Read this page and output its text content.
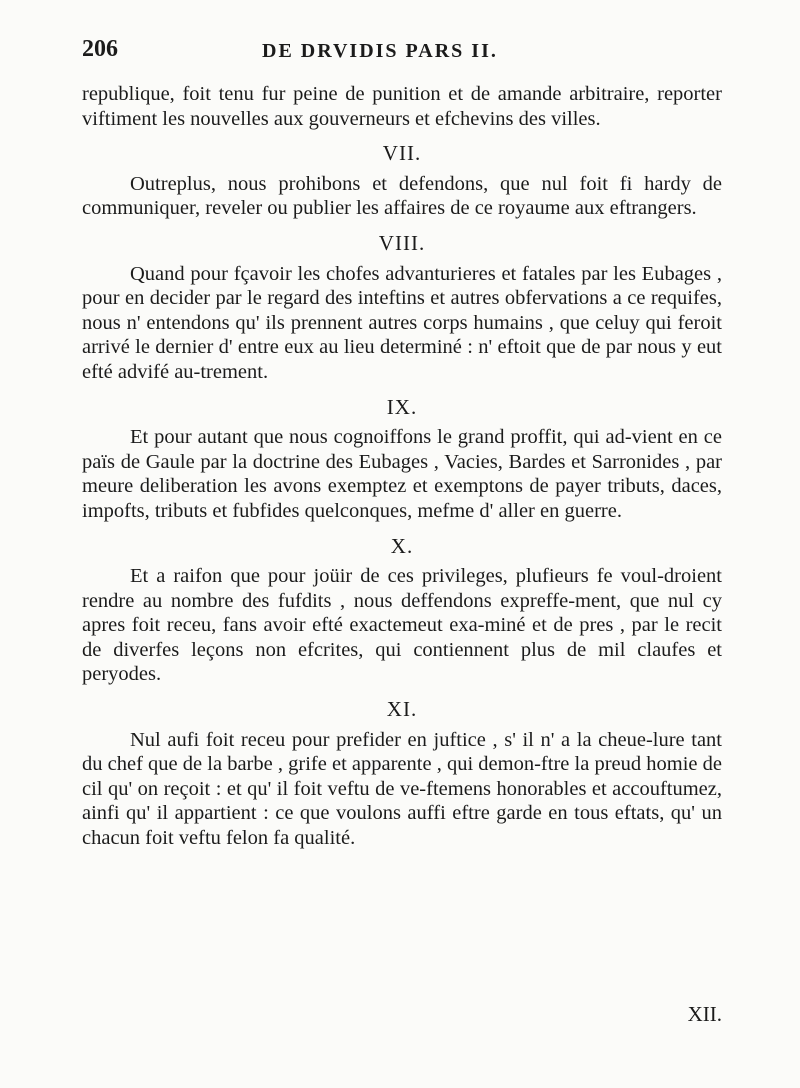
206	DE DRVIDIS PARS II.

republique, foit tenu fur peine de punition et de amande arbitraire, reporter viftiment les nouvelles aux gouverneurs et efchevins des villes.

VII.

Outreplus, nous prohibons et defendons, que nul foit fi hardy de communiquer, reveler ou publier les affaires de ce royaume aux eftrangers.

VIII.

Quand pour fçavoir les chofes advanturieres et fatales par les Eubages , pour en decider par le regard des inteftins et autres obfervations a ce requifes, nous n' entendons qu' ils prennent autres corps humains , que celuy qui feroit arrivé le dernier d' entre eux au lieu determiné : n' eftoit que de par nous y eut efté advifé au-trement.

IX.

Et pour autant que nous cognoiffons le grand proffit, qui ad-vient en ce païs de Gaule par la doctrine des Eubages , Vacies, Bardes et Sarronides , par meure deliberation les avons exemptez et exemptons de payer tributs, daces, impofts, tributs et fubfides quelconques, mefme d' aller en guerre.

X.

Et a raifon que pour joüir de ces privileges, plufieurs fe voul-droient rendre au nombre des fufdits , nous deffendons expreffe-ment, que nul cy apres foit receu, fans avoir efté exactemeut exa-miné et de pres , par le recit de diverfes leçons non efcrites, qui contiennent plus de mil claufes et peryodes.

XI.

Nul aufi foit receu pour prefider en juftice , s' il n' a la cheue-lure tant du chef que de la barbe , grife et apparente , qui demon-ftre la preud homie de cil qu' on reçoit : et qu' il foit veftu de ve-ftemens honorables et accouftumez, ainfi qu' il appartient : ce que voulons auffi eftre garde en tous eftats, qu' un chacun foit veftu felon fa qualité.

XII.
